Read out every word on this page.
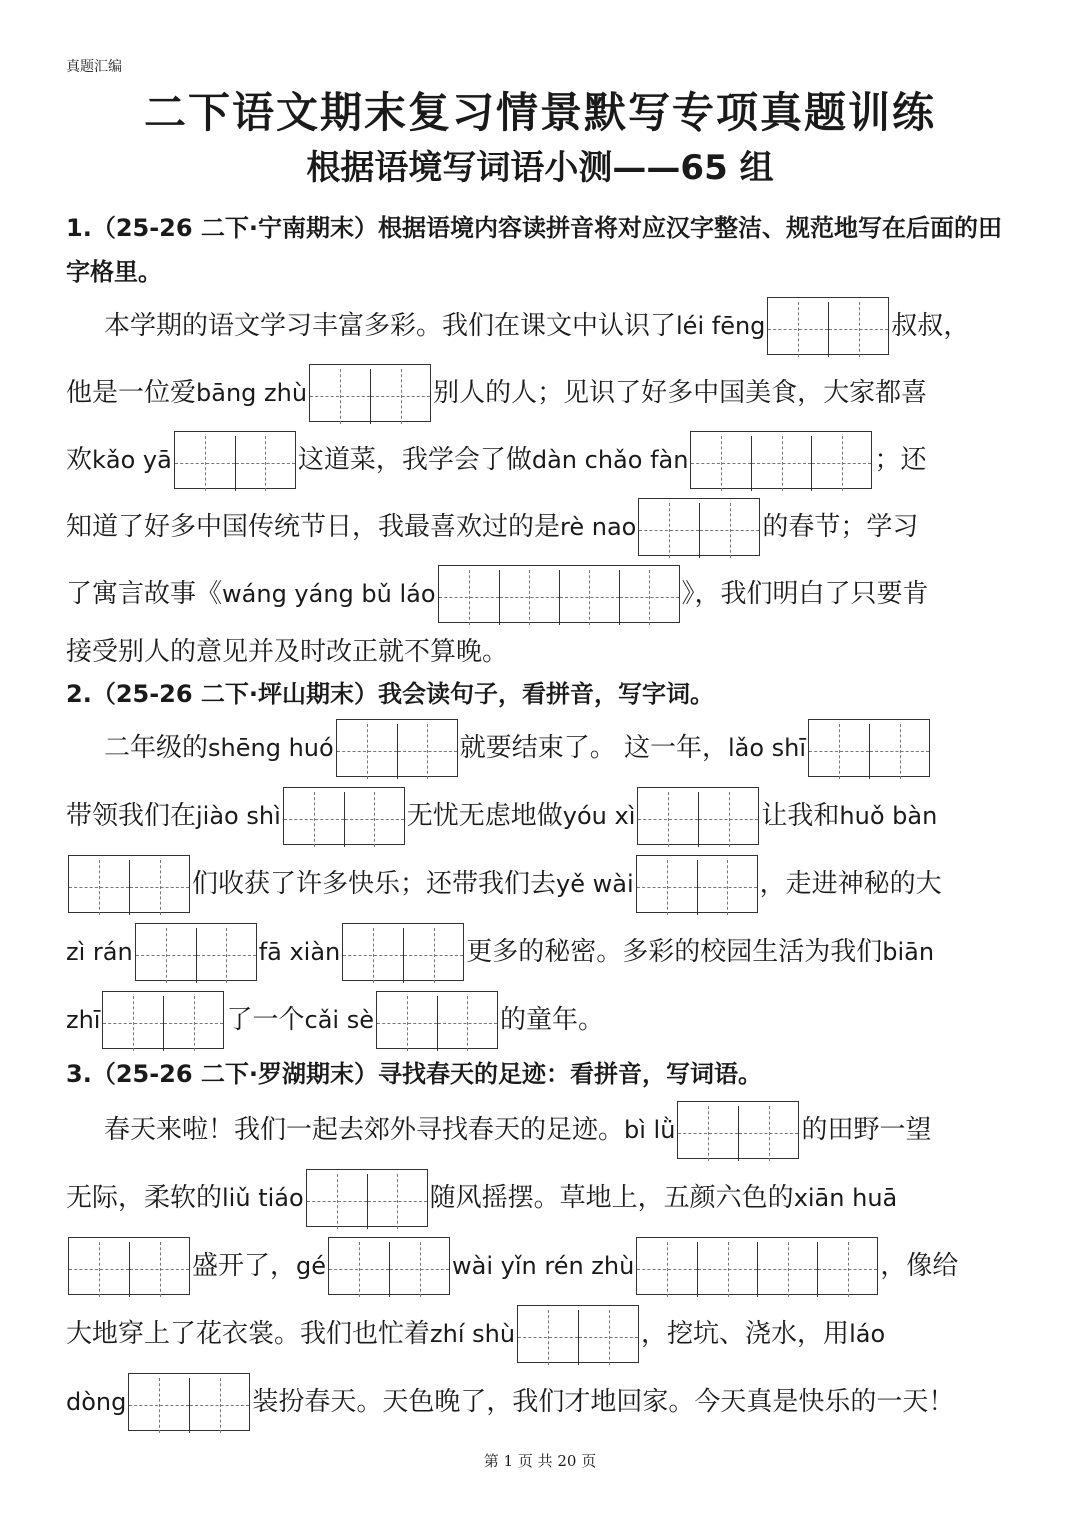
真题汇编
二下语文期末复习情景默写专项真题训练
根据语境写词语小测——65 组
1.（25-26 二下·宁南期末）根据语境内容读拼音将对应汉字整洁、规范地写在后面的田字格里。
本学期的语文学习丰富多彩。我们在课文中认识了léi fēng	叔叔，
他是一位爱bāng zhù	别人的人；见识了好多中国美食，大家都喜
欢kǎo yā	这道菜，我学会了做dàn chǎo fàn	；还
知道了好多中国传统节日，我最喜欢过的是rè nao	的春节；学习
了寓言故事《wáng yáng bǔ láo	》，我们明白了只要肯
接受别人的意见并及时改正就不算晚。
2.（25-26 二下·坪山期末）我会读句子，看拼音，写字词。
二年级的shēng huó	就要结束了。 这一年，lǎo shī
带领我们在jiào shì	无忧无虑地做yóu xì	让我和huǒ bàn
们收获了许多快乐；还带我们去yě wài	，走进神秘的大
zì rán	fā xiàn	更多的秘密。多彩的校园生活为我们biān
zhī	了一个cǎi sè	的童年。
3.（25-26 二下·罗湖期末）寻找春天的足迹：看拼音，写词语。
春天来啦！我们一起去郊外寻找春天的足迹。bì lǜ	的田野一望
无际，柔软的liǔ tiáo	随风摇摆。草地上，五颜六色的xiān huā
盛开了，gé	wài yǐn rén zhù	，像给
大地穿上了花衣裳。我们也忙着zhí shù	，挖坑、浇水，用láo
dòng	装扮春天。天色晚了，我们才地回家。今天真是快乐的一天！
第 1 页 共 20 页
